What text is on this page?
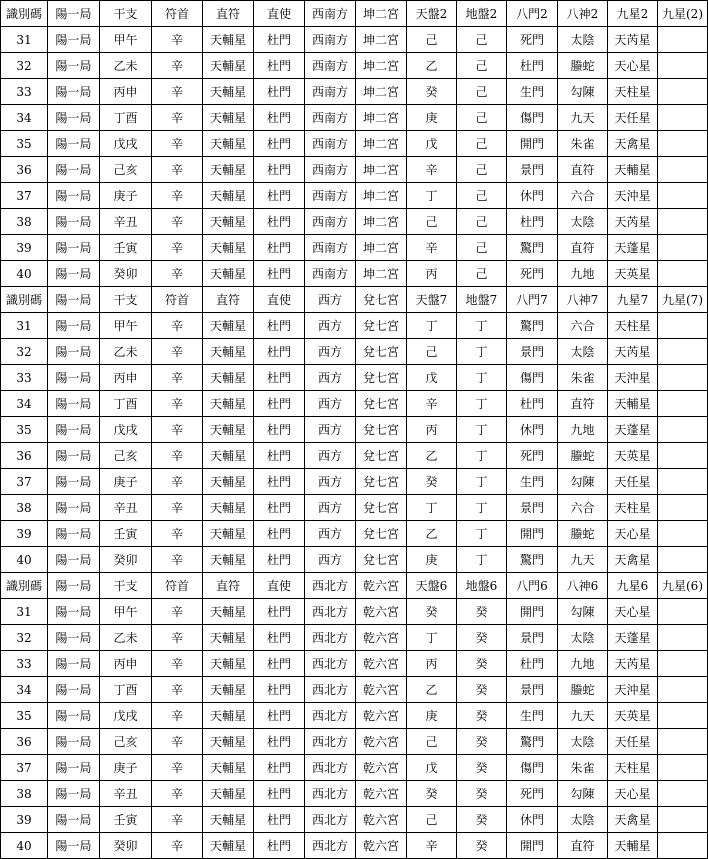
識別碼	陽一局	干支	符首	直符	直使	西南方	坤二宮	天盤2	地盤2	八門2	八神2	九星2	九星(2)
31	陽一局	甲午	辛	天輔星	杜門	西南方	坤二宮	己	己	死門	太陰	天芮星	
32	陽一局	乙未	辛	天輔星	杜門	西南方	坤二宮	乙	己	杜門	螣蛇	天心星	
33	陽一局	丙申	辛	天輔星	杜門	西南方	坤二宮	癸	己	生門	勾陳	天柱星	
34	陽一局	丁酉	辛	天輔星	杜門	西南方	坤二宮	庚	己	傷門	九天	天任星	
35	陽一局	戊戌	辛	天輔星	杜門	西南方	坤二宮	戊	己	開門	朱雀	天禽星	
36	陽一局	己亥	辛	天輔星	杜門	西南方	坤二宮	辛	己	景門	直符	天輔星	
37	陽一局	庚子	辛	天輔星	杜門	西南方	坤二宮	丁	己	休門	六合	天沖星	
38	陽一局	辛丑	辛	天輔星	杜門	西南方	坤二宮	己	己	杜門	太陰	天芮星	
39	陽一局	壬寅	辛	天輔星	杜門	西南方	坤二宮	辛	己	驚門	直符	天蓬星	
40	陽一局	癸卯	辛	天輔星	杜門	西南方	坤二宮	丙	己	死門	九地	天英星	
識別碼	陽一局	干支	符首	直符	直使	西方	兌七宮	天盤7	地盤7	八門7	八神7	九星7	九星(7)
31	陽一局	甲午	辛	天輔星	杜門	西方	兌七宮	丁	丁	驚門	六合	天柱星	
32	陽一局	乙未	辛	天輔星	杜門	西方	兌七宮	己	丁	景門	太陰	天芮星	
33	陽一局	丙申	辛	天輔星	杜門	西方	兌七宮	戊	丁	傷門	朱雀	天沖星	
34	陽一局	丁酉	辛	天輔星	杜門	西方	兌七宮	辛	丁	杜門	直符	天輔星	
35	陽一局	戊戌	辛	天輔星	杜門	西方	兌七宮	丙	丁	休門	九地	天蓬星	
36	陽一局	己亥	辛	天輔星	杜門	西方	兌七宮	乙	丁	死門	螣蛇	天英星	
37	陽一局	庚子	辛	天輔星	杜門	西方	兌七宮	癸	丁	生門	勾陳	天任星	
38	陽一局	辛丑	辛	天輔星	杜門	西方	兌七宮	丁	丁	景門	六合	天柱星	
39	陽一局	壬寅	辛	天輔星	杜門	西方	兌七宮	乙	丁	開門	螣蛇	天心星	
40	陽一局	癸卯	辛	天輔星	杜門	西方	兌七宮	庚	丁	驚門	九天	天禽星	
識別碼	陽一局	干支	符首	直符	直使	西北方	乾六宮	天盤6	地盤6	八門6	八神6	九星6	九星(6)
31	陽一局	甲午	辛	天輔星	杜門	西北方	乾六宮	癸	癸	開門	勾陳	天心星	
32	陽一局	乙未	辛	天輔星	杜門	西北方	乾六宮	丁	癸	景門	太陰	天蓬星	
33	陽一局	丙申	辛	天輔星	杜門	西北方	乾六宮	丙	癸	杜門	九地	天芮星	
34	陽一局	丁酉	辛	天輔星	杜門	西北方	乾六宮	乙	癸	景門	螣蛇	天沖星	
35	陽一局	戊戌	辛	天輔星	杜門	西北方	乾六宮	庚	癸	生門	九天	天英星	
36	陽一局	己亥	辛	天輔星	杜門	西北方	乾六宮	己	癸	驚門	太陰	天任星	
37	陽一局	庚子	辛	天輔星	杜門	西北方	乾六宮	戊	癸	傷門	朱雀	天柱星	
38	陽一局	辛丑	辛	天輔星	杜門	西北方	乾六宮	癸	癸	死門	勾陳	天心星	
39	陽一局	壬寅	辛	天輔星	杜門	西北方	乾六宮	己	癸	休門	太陰	天禽星	
40	陽一局	癸卯	辛	天輔星	杜門	西北方	乾六宮	辛	癸	開門	直符	天輔星	
